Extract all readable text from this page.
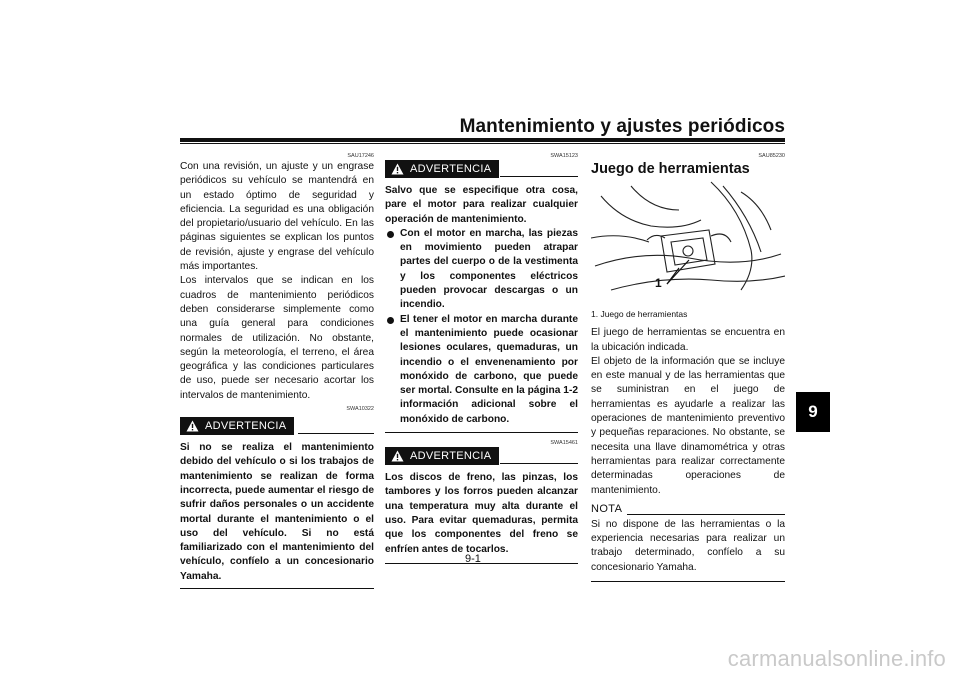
Mantenimiento y ajustes periódicos
9
SAU17246

Con una revisión, un ajuste y un engrase periódicos su vehículo se mantendrá en un estado óptimo de seguridad y eficiencia. La seguridad es una obligación del propietario/usuario del vehículo. En las páginas siguientes se explican los puntos de revisión, ajuste y engrase del vehículo más importantes.

Los intervalos que se indican en los cuadros de mantenimiento periódicos deben considerarse simplemente como una guía general para condiciones normales de utilización. No obstante, según la meteorología, el terreno, el área geográfica y las condiciones particulares de uso, puede ser necesario acortar los intervalos de mantenimiento.

SWA10322
ADVERTENCIA

Si no se realiza el mantenimiento debido del vehículo o si los trabajos de mantenimiento se realizan de forma incorrecta, puede aumentar el riesgo de sufrir daños personales o un accidente mortal durante el mantenimiento o el uso del vehículo. Si no está familiarizado con el mantenimiento del vehículo, confíelo a un concesionario Yamaha.

SWA15123
ADVERTENCIA

Salvo que se especifique otra cosa, pare el motor para realizar cualquier operación de mantenimiento.

Con el motor en marcha, las piezas en movimiento pueden atrapar partes del cuerpo o de la vestimenta y los componentes eléctricos pueden provocar descargas o un incendio.
El tener el motor en marcha durante el mantenimiento puede ocasionar lesiones oculares, quemaduras, un incendio o el envenenamiento por monóxido de carbono, que puede ser mortal. Consulte en la página 1-2 información adicional sobre el monóxido de carbono.
SWA15461
ADVERTENCIA

Los discos de freno, las pinzas, los tambores y los forros pueden alcanzar una temperatura muy alta durante el uso. Para evitar quemaduras, permita que los componentes del freno se enfríen antes de tocarlos.

SAU85230
Juego de herramientas
1
1. Juego de herramientas

El juego de herramientas se encuentra en la ubicación indicada.

El objeto de la información que se incluye en este manual y de las herramientas que se suministran en el juego de herramientas es ayudarle a realizar las operaciones de mantenimiento preventivo y pequeñas reparaciones. No obstante, se necesita una llave dinamométrica y otras herramientas para realizar correctamente determinadas operaciones de mantenimiento.

NOTA

Si no dispone de las herramientas o la experiencia necesarias para realizar un trabajo determinado, confíelo a su concesionario Yamaha.

9-1
carmanualsonline.info
